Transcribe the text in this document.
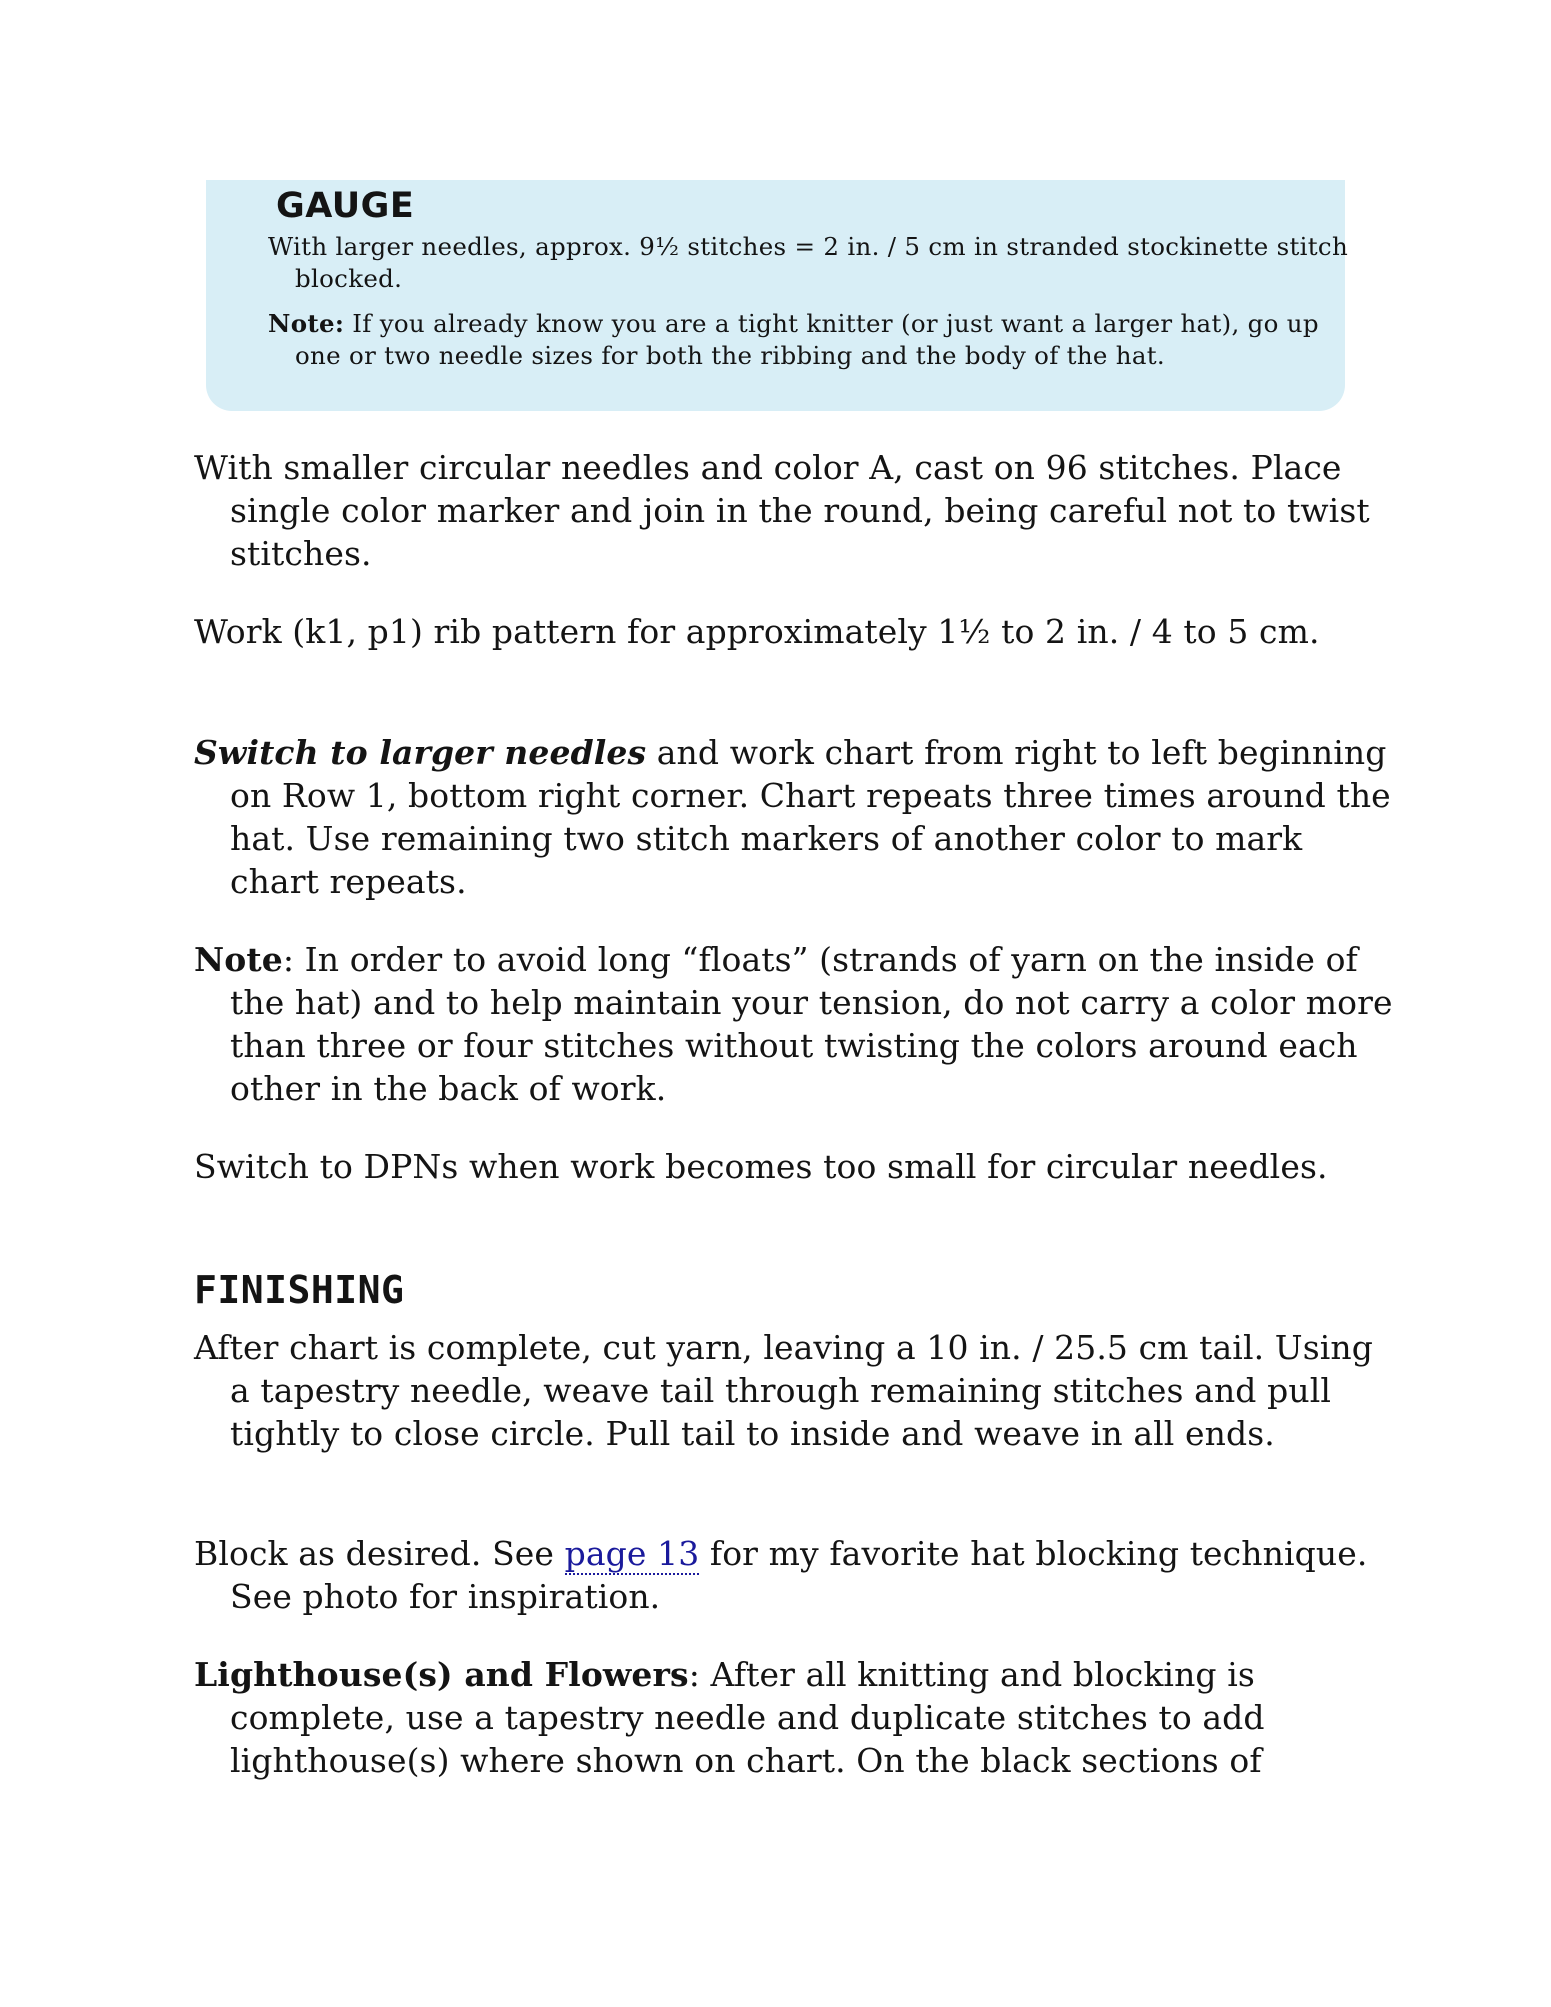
GAUGE

With larger needles, approx. 9½ stitches = 2 in. / 5 cm in stranded stockinette stitch blocked.

Note: If you already know you are a tight knitter (or just want a larger hat), go up one or two needle sizes for both the ribbing and the body of the hat.

With smaller circular needles and color A, cast on 96 stitches. Place single color marker and join in the round, being careful not to twist stitches.

Work (k1, p1) rib pattern for approximately 1½ to 2 in. / 4 to 5 cm.

Switch to larger needles and work chart from right to left beginning on Row 1, bottom right corner. Chart repeats three times around the hat. Use remaining two stitch markers of another color to mark chart repeats.

Note: In order to avoid long “floats” (strands of yarn on the inside of the hat) and to help maintain your tension, do not carry a color more than three or four stitches without twisting the colors around each other in the back of work.

Switch to DPNs when work becomes too small for circular needles.

FINISHING

After chart is complete, cut yarn, leaving a 10 in. / 25.5 cm tail. Using a tapestry needle, weave tail through remaining stitches and pull tightly to close circle. Pull tail to inside and weave in all ends.

Block as desired. See page 13 for my favorite hat blocking technique. See photo for inspiration.

Lighthouse(s) and Flowers: After all knitting and blocking is complete, use a tapestry needle and duplicate stitches to add lighthouse(s) where shown on chart. On the black sections of
